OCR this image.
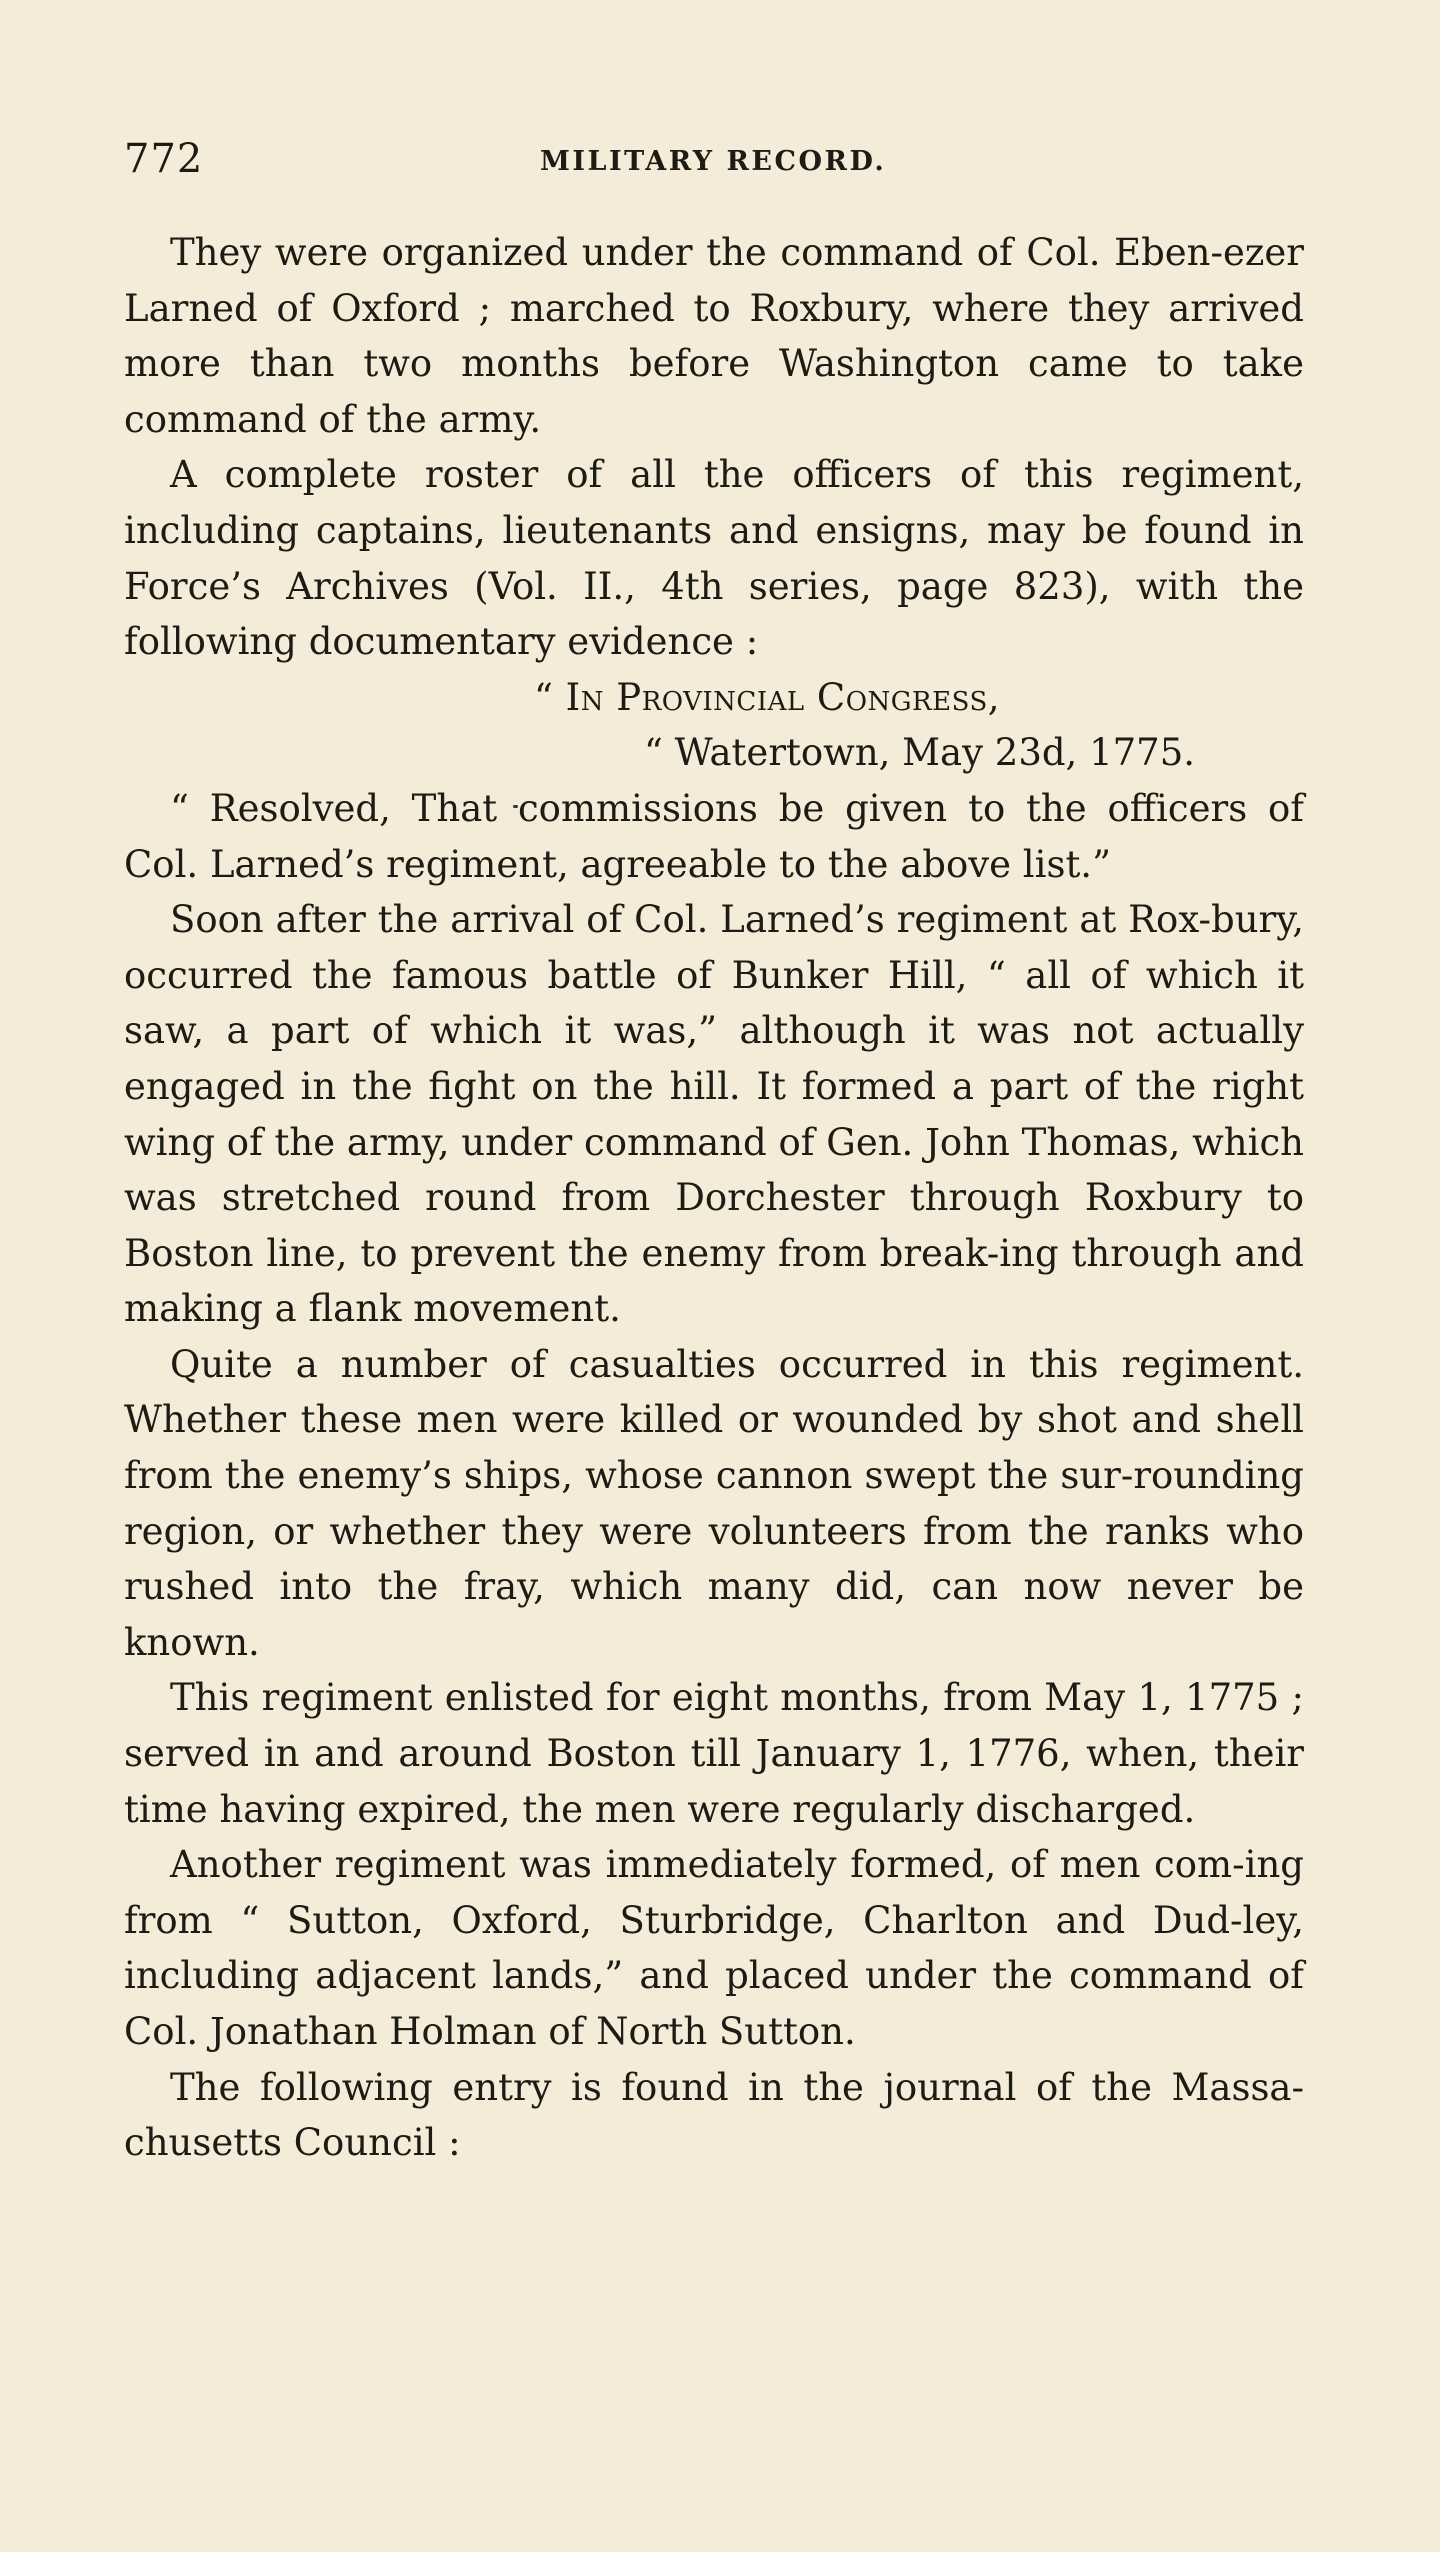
772	MILITARY RECORD.

They were organized under the command of Col. Eben-ezer Larned of Oxford ; marched to Roxbury, where they arrived more than two months before Washington came to take command of the army.

A complete roster of all the officers of this regiment, including captains, lieutenants and ensigns, may be found in Force’s Archives (Vol. II., 4th series, page 823), with the following documentary evidence :

“ In Provincial Congress,
“ Watertown, May 23d, 1775.

“ Resolved, That commissions be given to the officers of Col. Larned’s regiment, agreeable to the above list.”

Soon after the arrival of Col. Larned’s regiment at Rox-bury, occurred the famous battle of Bunker Hill, “ all of which it saw, a part of which it was,” although it was not actually engaged in the fight on the hill. It formed a part of the right wing of the army, under command of Gen. John Thomas, which was stretched round from Dorchester through Roxbury to Boston line, to prevent the enemy from break-ing through and making a flank movement.

Quite a number of casualties occurred in this regiment. Whether these men were killed or wounded by shot and shell from the enemy’s ships, whose cannon swept the sur-rounding region, or whether they were volunteers from the ranks who rushed into the fray, which many did, can now never be known.

This regiment enlisted for eight months, from May 1, 1775 ; served in and around Boston till January 1, 1776, when, their time having expired, the men were regularly discharged.

Another regiment was immediately formed, of men com-ing from “ Sutton, Oxford, Sturbridge, Charlton and Dud-ley, including adjacent lands,” and placed under the command of Col. Jonathan Holman of North Sutton.

The following entry is found in the journal of the Massa-chusetts Council :
